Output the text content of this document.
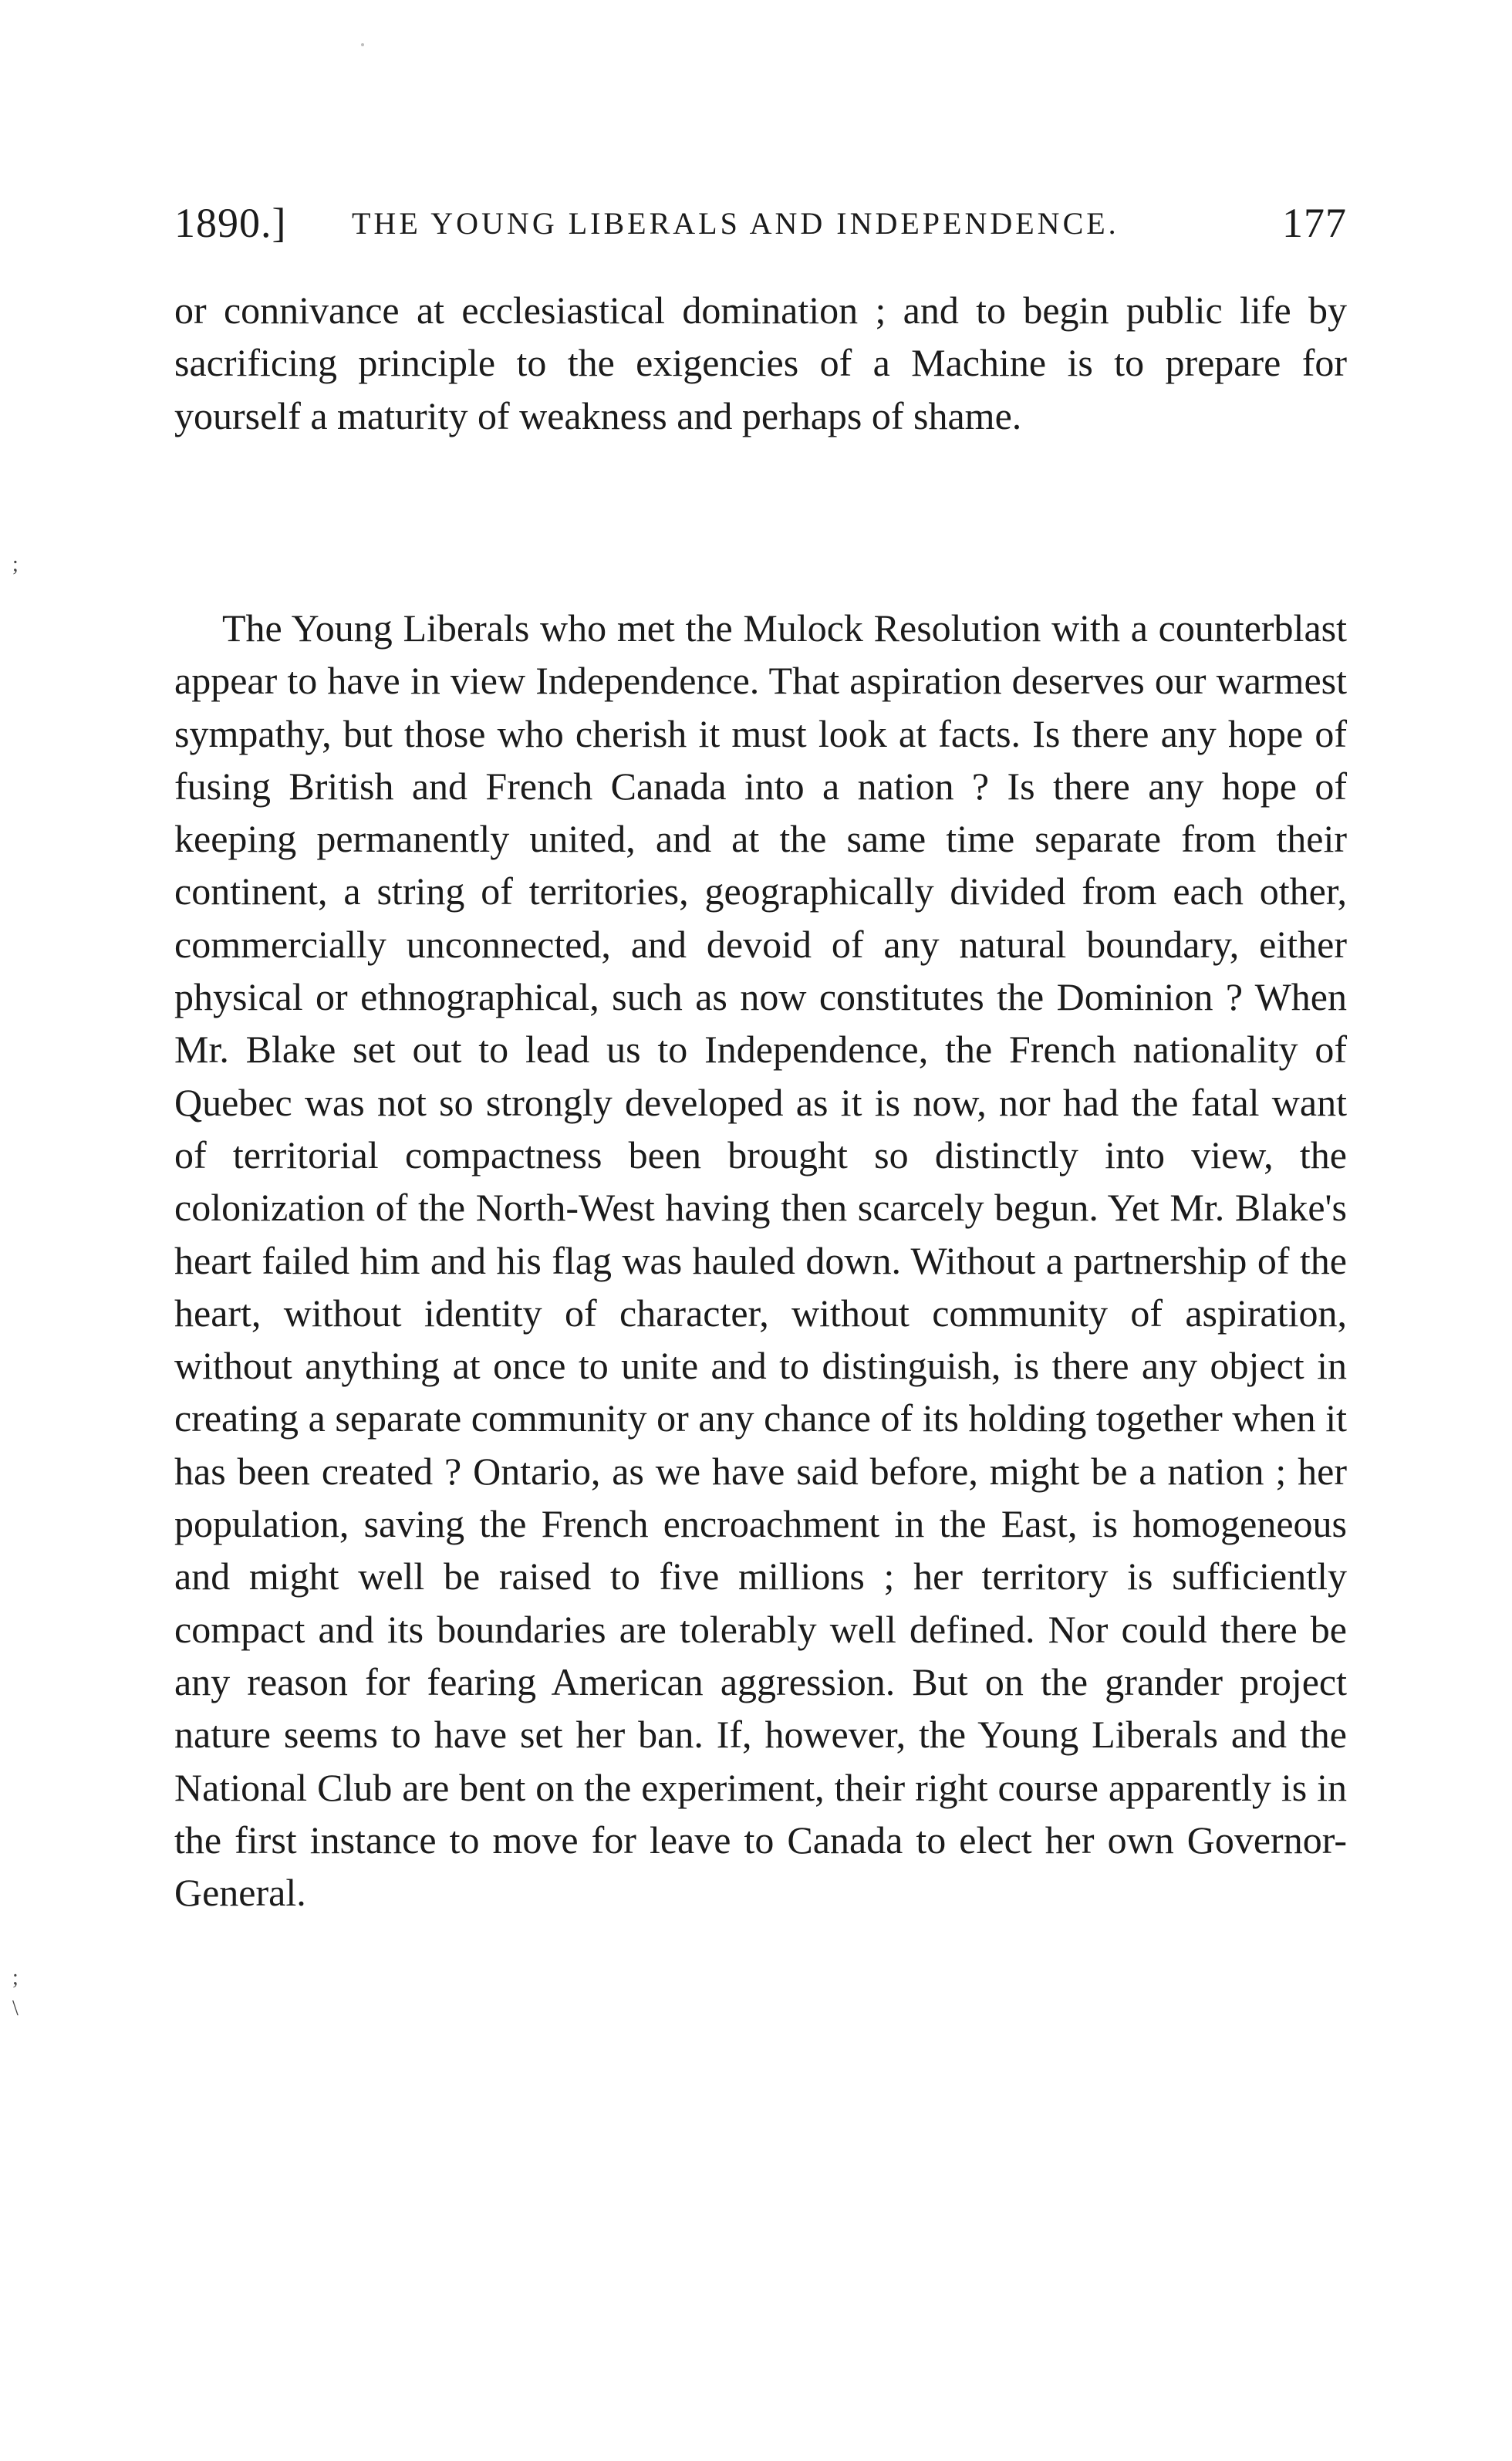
1890.] THE YOUNG LIBERALS AND INDEPENDENCE.	177

or connivance at ecclesiastical domination ; and to begin public life by sacrificing principle to the exigencies of a Machine is to prepare for yourself a maturity of weakness and perhaps of shame.

The Young Liberals who met the Mulock Resolution with a counterblast appear to have in view Independence. That aspiration deserves our warmest sympathy, but those who cherish it must look at facts. Is there any hope of fusing British and French Canada into a nation ? Is there any hope of keeping permanently united, and at the same time separate from their continent, a string of territories, geographically divided from each other, commercially unconnected, and devoid of any natural boundary, either physical or ethnographical, such as now constitutes the Dominion ? When Mr. Blake set out to lead us to Independence, the French nationality of Quebec was not so strongly developed as it is now, nor had the fatal want of territorial compactness been brought so distinctly into view, the colonization of the North-West having then scarcely begun. Yet Mr. Blake's heart failed him and his flag was hauled down. Without a partnership of the heart, without identity of character, without community of aspiration, without anything at once to unite and to distinguish, is there any object in creating a separate community or any chance of its holding together when it has been created ? Ontario, as we have said before, might be a nation ; her population, saving the French encroachment in the East, is homogeneous and might well be raised to five millions ; her territory is sufficiently compact and its boundaries are tolerably well defined. Nor could there be any reason for fearing American aggression. But on the grander project nature seems to have set her ban. If, however, the Young Liberals and the National Club are bent on the experiment, their right course apparently is in the first instance to move for leave to Canada to elect her own Governor-General.

;
;
\
